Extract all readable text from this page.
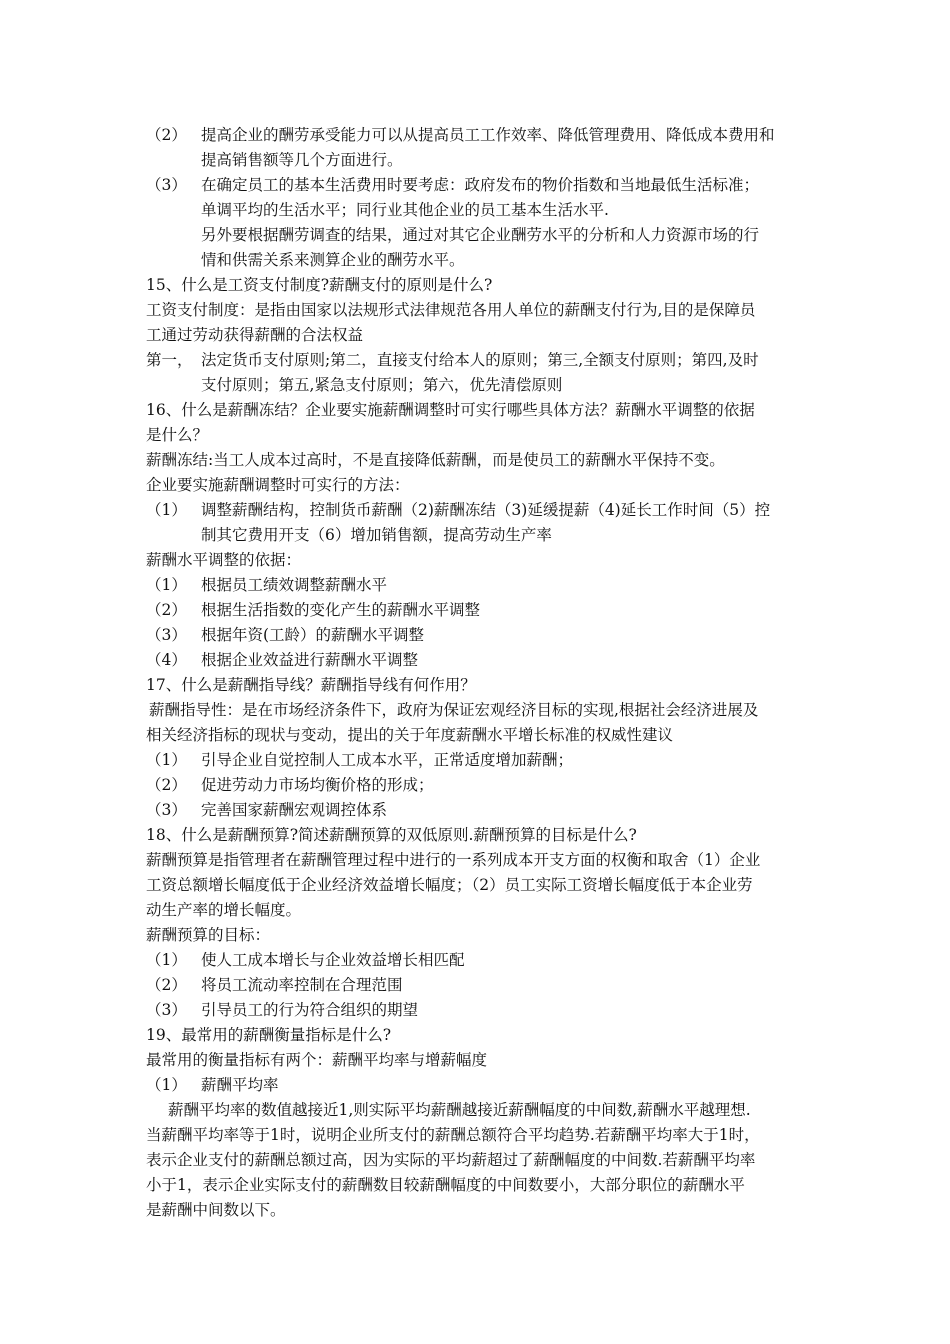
（2） 提高企业的酬劳承受能力可以从提高员工工作效率、降低管理费用、降低成本费用和
提高销售额等几个方面进行。
（3） 在确定员工的基本生活费用时要考虑：政府发布的物价指数和当地最低生活标准；
单调平均的生活水平；同行业其他企业的员工基本生活水平.
另外要根据酬劳调查的结果，通过对其它企业酬劳水平的分析和人力资源市场的行
情和供需关系来测算企业的酬劳水平。
15、什么是工资支付制度?薪酬支付的原则是什么?
工资支付制度：是指由国家以法规形式法律规范各用人单位的薪酬支付行为,目的是保障员
工通过劳动获得薪酬的合法权益
第一， 法定货币支付原则;第二，直接支付给本人的原则；第三,全额支付原则；第四,及时
支付原则；第五,紧急支付原则；第六，优先清偿原则
16、什么是薪酬冻结？企业要实施薪酬调整时可实行哪些具体方法？薪酬水平调整的依据
是什么？
薪酬冻结:当工人成本过高时，不是直接降低薪酬，而是使员工的薪酬水平保持不变。
企业要实施薪酬调整时可实行的方法：
（1） 调整薪酬结构，控制货币薪酬（2)薪酬冻结（3)延缓提薪（4)延长工作时间（5）控
制其它费用开支（6）增加销售额，提高劳动生产率
薪酬水平调整的依据：
（1） 根据员工绩效调整薪酬水平
（2） 根据生活指数的变化产生的薪酬水平调整
（3） 根据年资(工龄）的薪酬水平调整
（4） 根据企业效益进行薪酬水平调整
17、什么是薪酬指导线？薪酬指导线有何作用？
薪酬指导性：是在市场经济条件下，政府为保证宏观经济目标的实现,根据社会经济进展及
相关经济指标的现状与变动，提出的关于年度薪酬水平增长标准的权威性建议
（1） 引导企业自觉控制人工成本水平，正常适度增加薪酬；
（2） 促进劳动力市场均衡价格的形成；
（3） 完善国家薪酬宏观调控体系
18、什么是薪酬预算?简述薪酬预算的双低原则.薪酬预算的目标是什么?
薪酬预算是指管理者在薪酬管理过程中进行的一系列成本开支方面的权衡和取舍（1）企业
工资总额增长幅度低于企业经济效益增长幅度；（2）员工实际工资增长幅度低于本企业劳
动生产率的增长幅度。
薪酬预算的目标：
（1） 使人工成本增长与企业效益增长相匹配
（2） 将员工流动率控制在合理范围
（3） 引导员工的行为符合组织的期望
19、最常用的薪酬衡量指标是什么?
最常用的衡量指标有两个：薪酬平均率与增薪幅度
（1） 薪酬平均率
薪酬平均率的数值越接近1,则实际平均薪酬越接近薪酬幅度的中间数,薪酬水平越理想.
当薪酬平均率等于1时，说明企业所支付的薪酬总额符合平均趋势.若薪酬平均率大于1时，
表示企业支付的薪酬总额过高，因为实际的平均薪超过了薪酬幅度的中间数.若薪酬平均率
小于1，表示企业实际支付的薪酬数目较薪酬幅度的中间数要小，大部分职位的薪酬水平
是薪酬中间数以下。
